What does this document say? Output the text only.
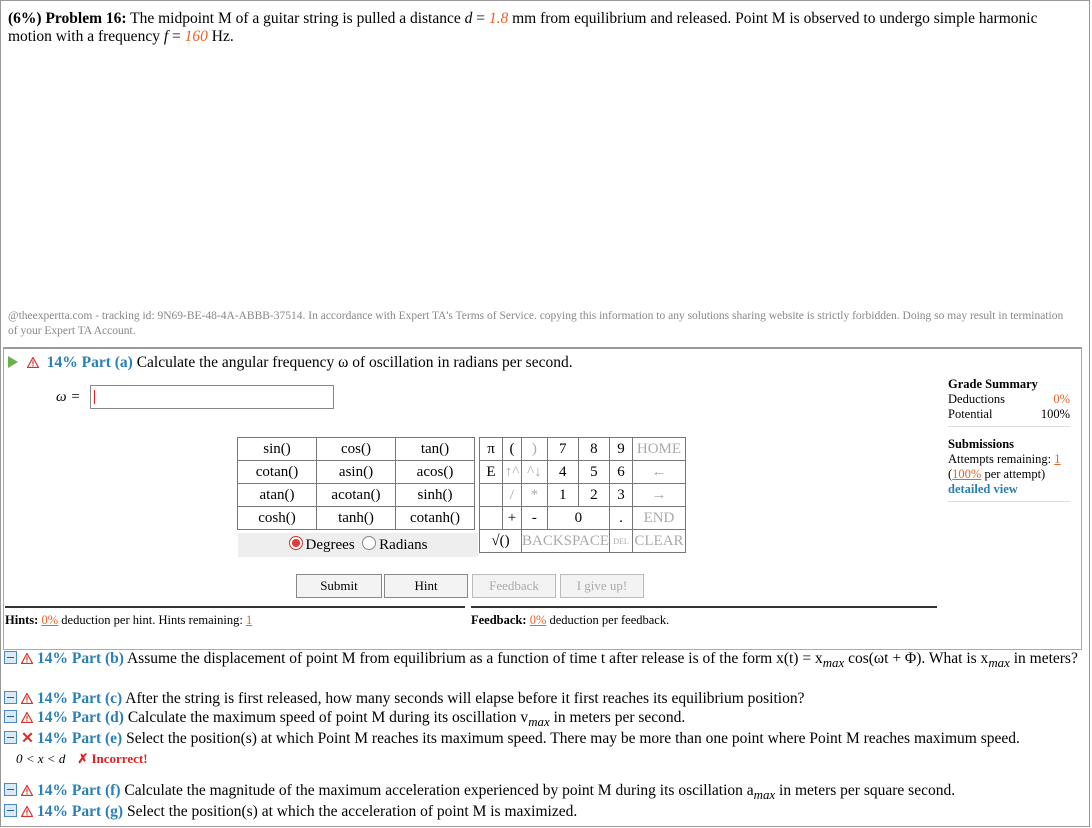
(6%) Problem 16: The midpoint M of a guitar string is pulled a distance d = 1.8 mm from equilibrium and released. Point M is observed to undergo simple harmonic motion with a frequency f = 160 Hz.
@theexpertta.com - tracking id: 9N69-BE-48-4A-ABBB-37514. In accordance with Expert TA's Terms of Service. copying this information to any solutions sharing website is strictly forbidden. Doing so may result in termination of your Expert TA Account.
14% Part (a) Calculate the angular frequency ω of oscillation in radians per second.
ω =
sin()	cos()	tan()
cotan()	asin()	acos()
atan()	acotan()	sinh()
cosh()	tanh()	cotanh()
Degrees Radians
π	(	)	7	8	9	HOME
E	↑^	^↓	4	5	6	←
	/	*	1	2	3	→
	+	-	0		.	END
√()		BACKSPACE			DEL	CLEAR
Submit	Hint	Feedback	I give up!
Hints: 0% deduction per hint. Hints remaining: 1	Feedback: 0% deduction per feedback.
Grade Summary
Deductions	0%
Potential	100%
Submissions
Attempts remaining: 1
(100% per attempt)
detailed view
14% Part (b) Assume the displacement of point M from equilibrium as a function of time t after release is of the form $x(t) = x_{max}$ cos(ωt + Φ). What is $x_{max}$ in meters?
14% Part (c) After the string is first released, how many seconds will elapse before it first reaches its equilibrium position?
14% Part (d) Calculate the maximum speed of point M during its oscillation $v_{max}$ in meters per second.
✕ 14% Part (e) Select the position(s) at which Point M reaches its maximum speed. There may be more than one point where Point M reaches maximum speed.
0 < x < d ✗ Incorrect!
14% Part (f) Calculate the magnitude of the maximum acceleration experienced by point M during its oscillation $a_{max}$ in meters per square second.
14% Part (g) Select the position(s) at which the acceleration of point M is maximized.
